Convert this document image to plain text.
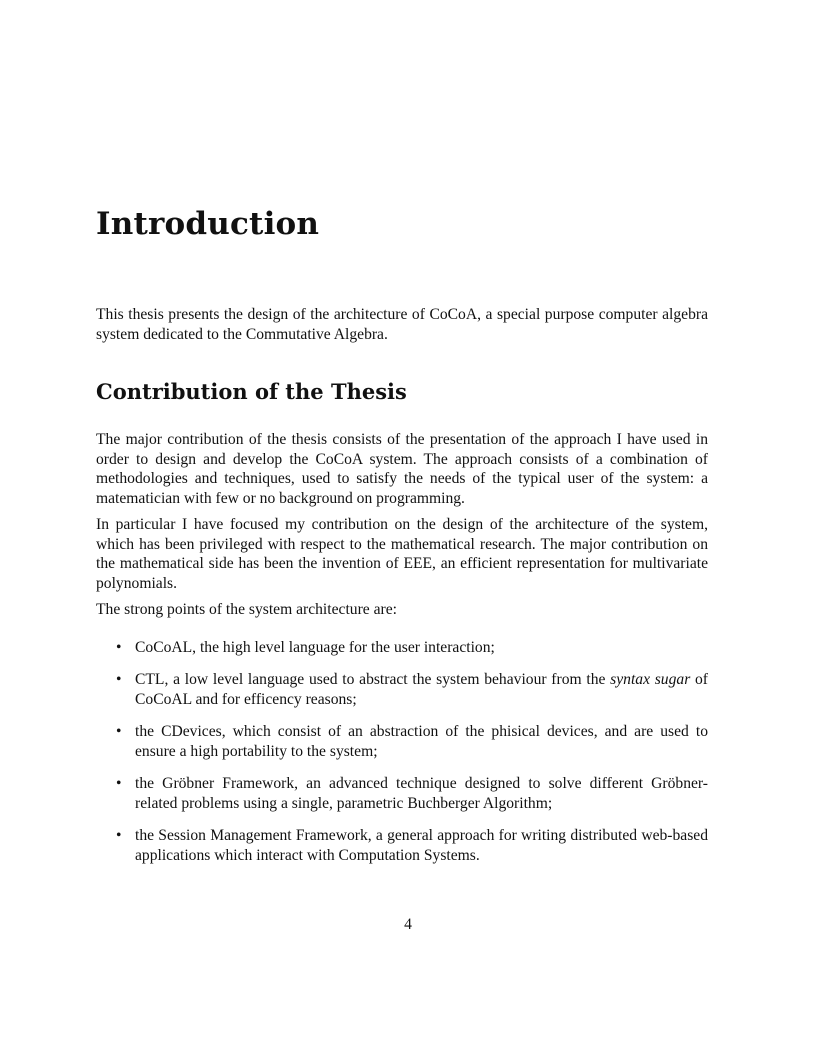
Introduction

This thesis presents the design of the architecture of CoCoA, a special purpose computer algebra system dedicated to the Commutative Algebra.

Contribution of the Thesis

The major contribution of the thesis consists of the presentation of the approach I have used in order to design and develop the CoCoA system. The approach consists of a combination of methodologies and techniques, used to satisfy the needs of the typical user of the system: a matematician with few or no background on programming.

In particular I have focused my contribution on the design of the architecture of the system, which has been privileged with respect to the mathematical research. The major contribution on the mathematical side has been the invention of EEE, an efficient representation for multivariate polynomials.

The strong points of the system architecture are:

• CoCoAL, the high level language for the user interaction;
• CTL, a low level language used to abstract the system behaviour from the syntax sugar of CoCoAL and for efficency reasons;
• the CDevices, which consist of an abstraction of the phisical devices, and are used to ensure a high portability to the system;
• the Gröbner Framework, an advanced technique designed to solve different Gröbner-related problems using a single, parametric Buchberger Algorithm;
• the Session Management Framework, a general approach for writing distributed web-based applications which interact with Computation Systems.
4
